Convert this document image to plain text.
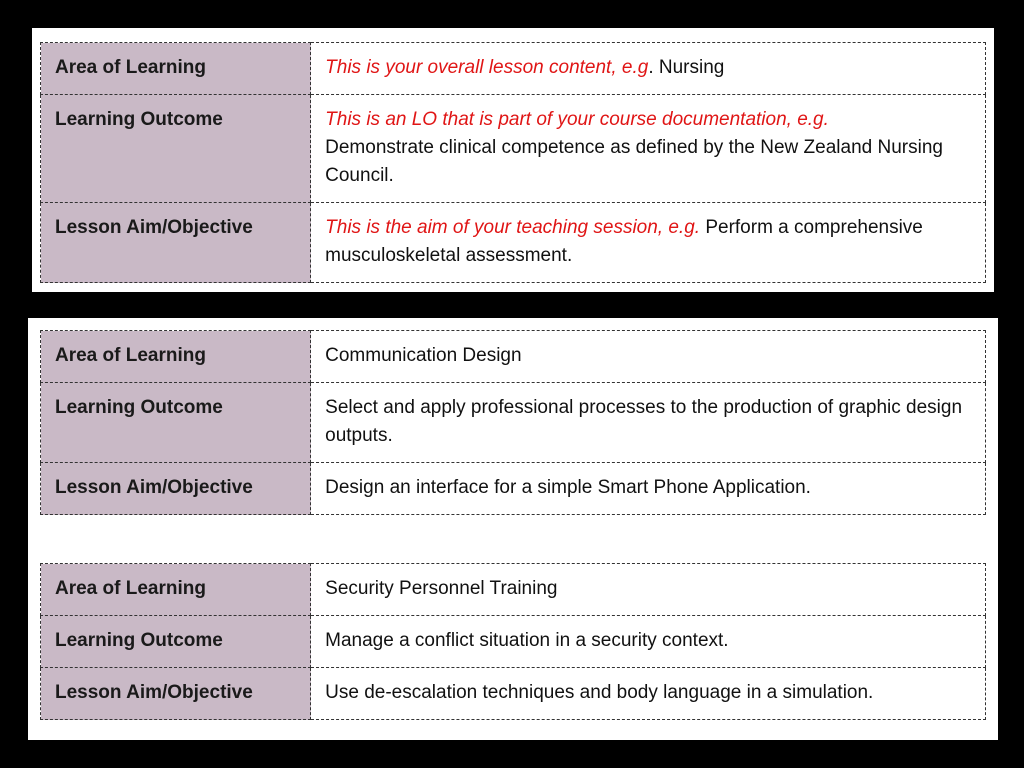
Area of Learning	This is your overall lesson content, e.g. Nursing
Learning Outcome	This is an LO that is part of your course documentation, e.g.
Demonstrate clinical competence as defined by the New Zealand Nursing Council.
Lesson Aim/Objective	This is the aim of your teaching session, e.g. Perform a comprehensive musculoskeletal assessment.
Area of Learning	Communication Design
Learning Outcome	Select and apply professional processes to the production of graphic design outputs.
Lesson Aim/Objective	Design an interface for a simple Smart Phone Application.
Area of Learning	Security Personnel Training
Learning Outcome	Manage a conflict situation in a security context.
Lesson Aim/Objective	Use de-escalation techniques and body language in a simulation.
